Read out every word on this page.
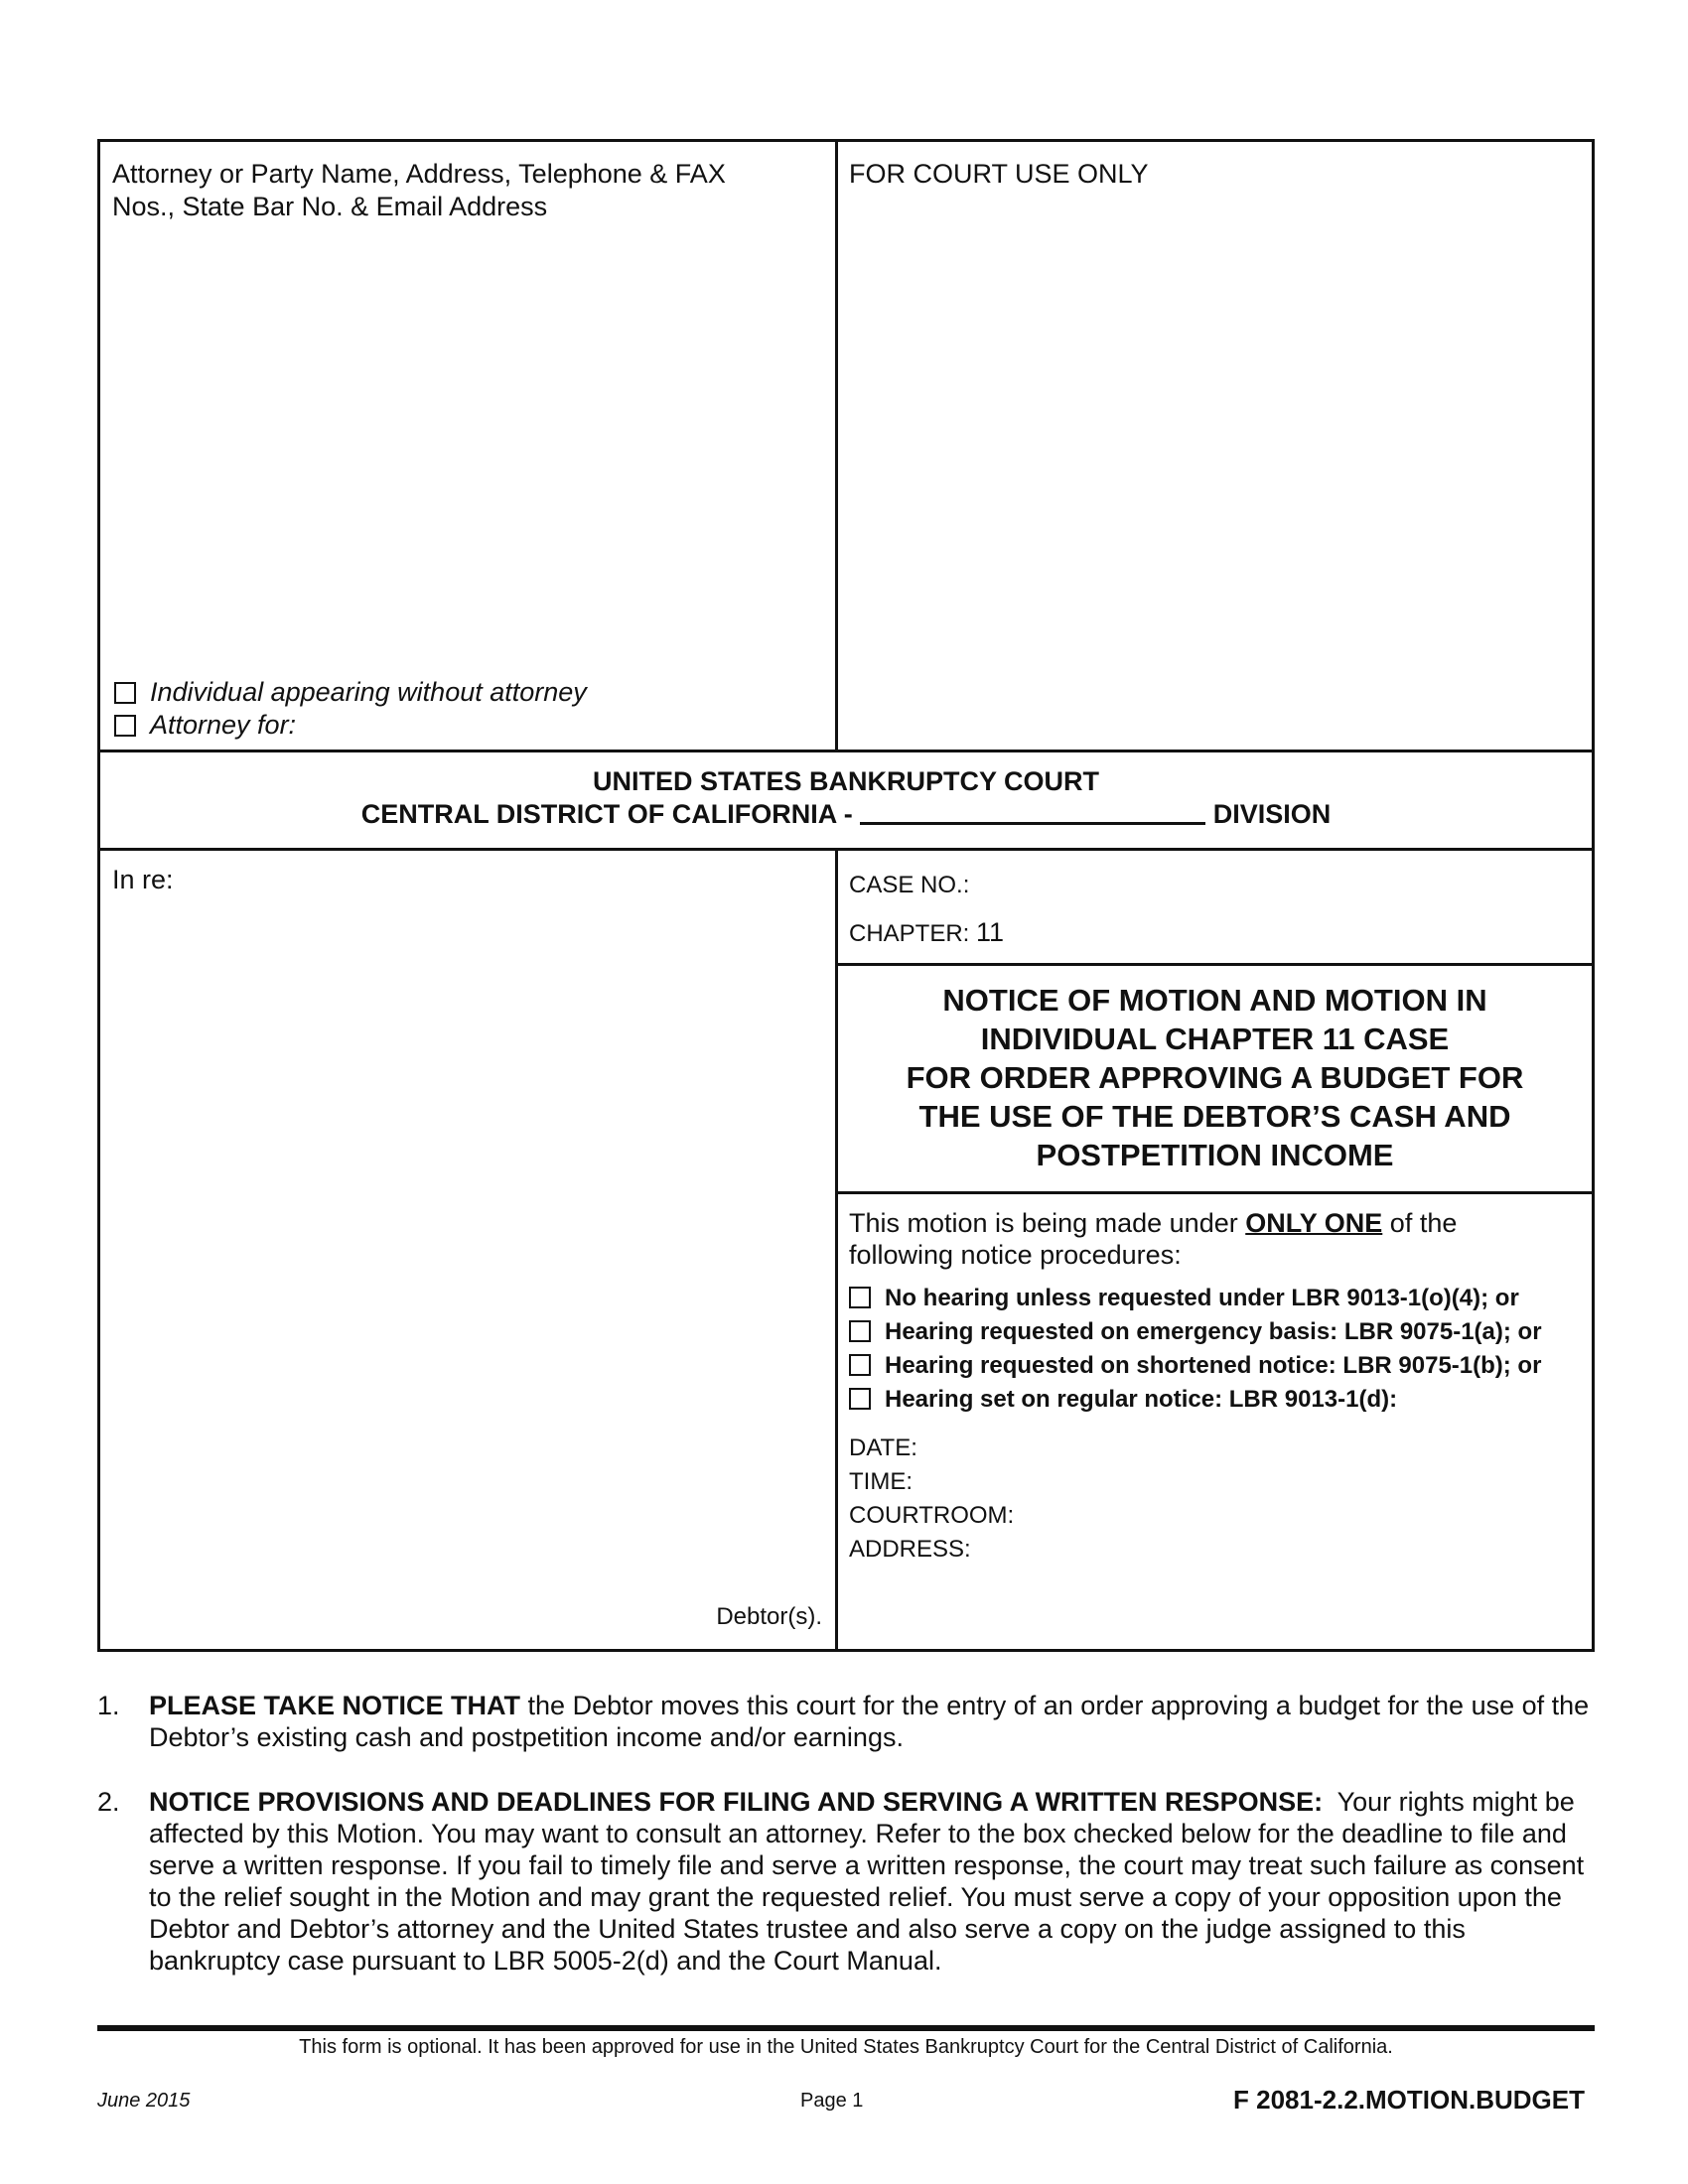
Attorney or Party Name, Address, Telephone & FAX
Nos., State Bar No. & Email Address
Individual appearing without attorney
Attorney for:
FOR COURT USE ONLY
UNITED STATES BANKRUPTCY COURT
CENTRAL DISTRICT OF CALIFORNIA -	DIVISION
In re:
Debtor(s).
CASE NO.:
CHAPTER: 11
NOTICE OF MOTION AND MOTION IN
INDIVIDUAL CHAPTER 11 CASE
FOR ORDER APPROVING A BUDGET FOR
THE USE OF THE DEBTOR’S CASH AND
POSTPETITION INCOME
This motion is being made under ONLY ONE of the
following notice procedures:
No hearing unless requested under LBR 9013-1(o)(4); or
Hearing requested on emergency basis: LBR 9075-1(a); or
Hearing requested on shortened notice: LBR 9075-1(b); or
Hearing set on regular notice: LBR 9013-1(d):
DATE:
TIME:
COURTROOM:
ADDRESS:
1. PLEASE TAKE NOTICE THAT the Debtor moves this court for the entry of an order approving a budget for the use of the Debtor’s existing cash and postpetition income and/or earnings.
2. NOTICE PROVISIONS AND DEADLINES FOR FILING AND SERVING A WRITTEN RESPONSE: Your rights might be affected by this Motion. You may want to consult an attorney. Refer to the box checked below for the deadline to file and serve a written response. If you fail to timely file and serve a written response, the court may treat such failure as consent to the relief sought in the Motion and may grant the requested relief. You must serve a copy of your opposition upon the Debtor and Debtor’s attorney and the United States trustee and also serve a copy on the judge assigned to this bankruptcy case pursuant to LBR 5005-2(d) and the Court Manual.
This form is optional. It has been approved for use in the United States Bankruptcy Court for the Central District of California.
June 2015	Page 1	F 2081-2.2.MOTION.BUDGET
